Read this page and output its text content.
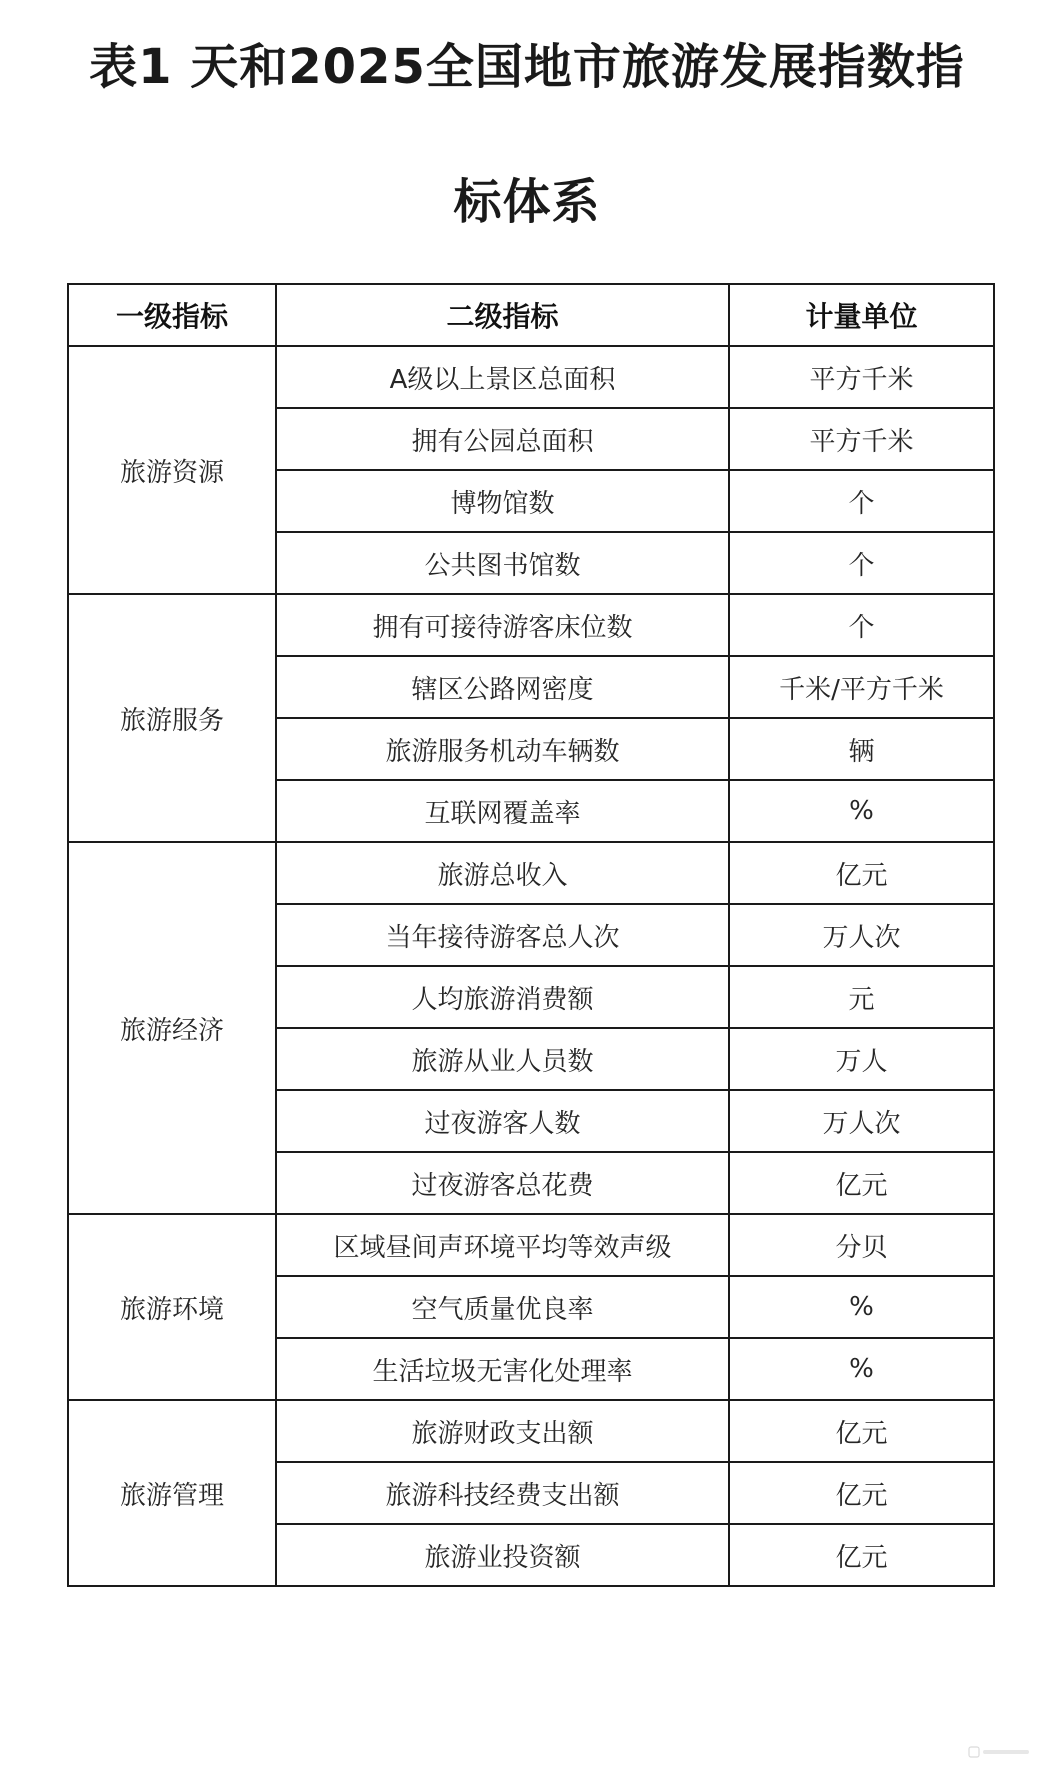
表1 天和2025全国地市旅游发展指数指
标体系
一级指标	二级指标	计量单位
旅游资源	A级以上景区总面积	平方千米
	拥有公园总面积	平方千米
	博物馆数	个
	公共图书馆数	个
旅游服务	拥有可接待游客床位数	个
	辖区公路网密度	千米/平方千米
	旅游服务机动车辆数	辆
	互联网覆盖率	%
旅游经济	旅游总收入	亿元
	当年接待游客总人次	万人次
	人均旅游消费额	元
	旅游从业人员数	万人
	过夜游客人数	万人次
	过夜游客总花费	亿元
旅游环境	区域昼间声环境平均等效声级	分贝
	空气质量优良率	%
	生活垃圾无害化处理率	%
旅游管理	旅游财政支出额	亿元
	旅游科技经费支出额	亿元
	旅游业投资额	亿元
